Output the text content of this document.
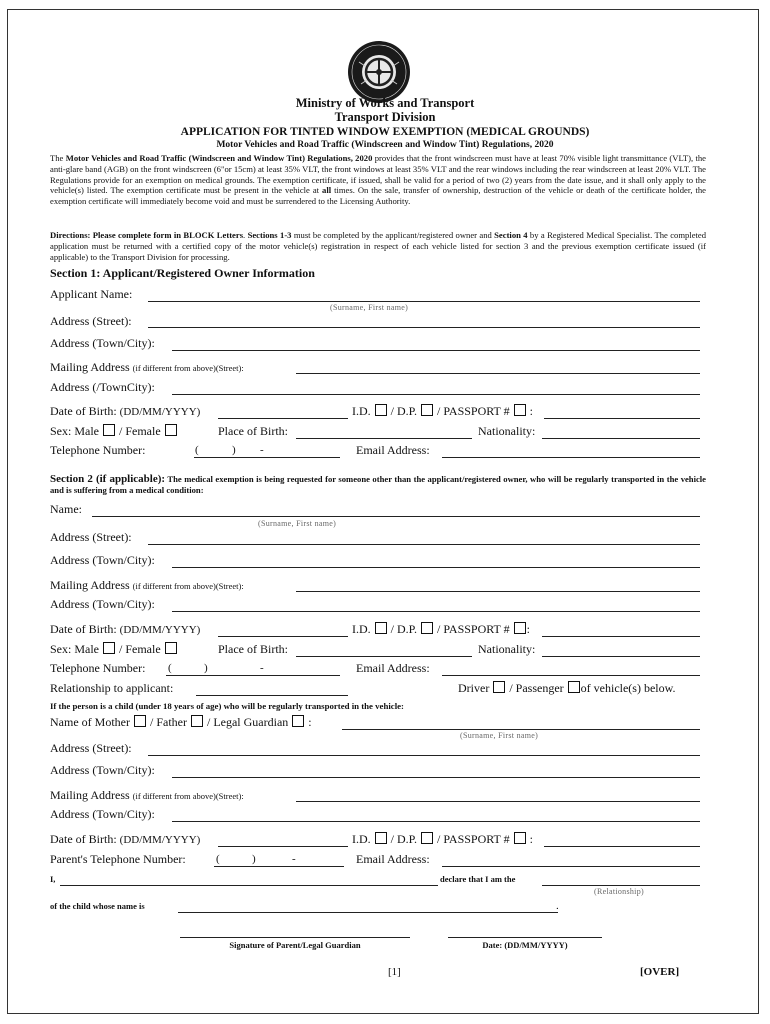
Ministry of Works and Transport
Transport Division
APPLICATION FOR TINTED WINDOW EXEMPTION (MEDICAL GROUNDS)
Motor Vehicles and Road Traffic (Windscreen and Window Tint) Regulations, 2020
The Motor Vehicles and Road Traffic (Windscreen and Window Tint) Regulations, 2020 provides that the front windscreen must have at least 70% visible light transmittance (VLT), the anti-glare band (AGB) on the front windscreen (6"or 15cm) at least 35% VLT, the front windows at least 35% VLT and the rear windows including the rear windscreen at least 20% VLT. The Regulations provide for an exemption on medical grounds. The exemption certificate, if issued, shall be valid for a period of two (2) years from the date issue, and it shall only apply to the vehicle(s) listed. The exemption certificate must be present in the vehicle at all times. On the sale, transfer of ownership, destruction of the vehicle or death of the certificate holder, the exemption certificate will immediately become void and must be surrendered to the Licensing Authority.
Directions: Please complete form in BLOCK Letters. Sections 1-3 must be completed by the applicant/registered owner and Section 4 by a Registered Medical Specialist. The completed application must be returned with a certified copy of the motor vehicle(s) registration in respect of each vehicle listed for section 3 and the previous exemption certificate issued (if applicable) to the Transport Division for processing.
Section 1: Applicant/Registered Owner Information
Applicant Name:
(Surname, First name)
Address (Street):
Address (Town/City):
Mailing Address (if different from above)(Street):
Address (/TownCity):
Date of Birth: (DD/MM/YYYY)	I.D. / D.P. / PASSPORT # :
Sex: Male / Female	Place of Birth:	Nationality:
Telephone Number:	(	) -	Email Address:
Section 2 (if applicable): The medical exemption is being requested for someone other than the applicant/registered owner, who will be regularly transported in the vehicle and is suffering from a medical condition:
Name:
(Surname, First name)
Address (Street):
Address (Town/City):
Mailing Address (if different from above)(Street):
Address (Town/City):
Date of Birth: (DD/MM/YYYY)	I.D. / D.P. / PASSPORT # :
Sex: Male / Female	Place of Birth:	Nationality:
Telephone Number: (	)	-	Email Address:
Relationship to applicant:	Driver / Passenger of vehicle(s) below.
If the person is a child (under 18 years of age) who will be regularly transported in the vehicle:
Name of Mother / Father / Legal Guardian :
(Surname, First name)
Address (Street):
Address (Town/City):
Mailing Address (if different from above)(Street):
Address (Town/City):
Date of Birth: (DD/MM/YYYY)	I.D. / D.P. / PASSPORT # :
Parent's Telephone Number:	(	)	-	Email Address:
I,	declare that I am the
(Relationship)
of the child whose name is	.
Signature of Parent/Legal Guardian	Date: (DD/MM/YYYY)
[1]	[OVER]
